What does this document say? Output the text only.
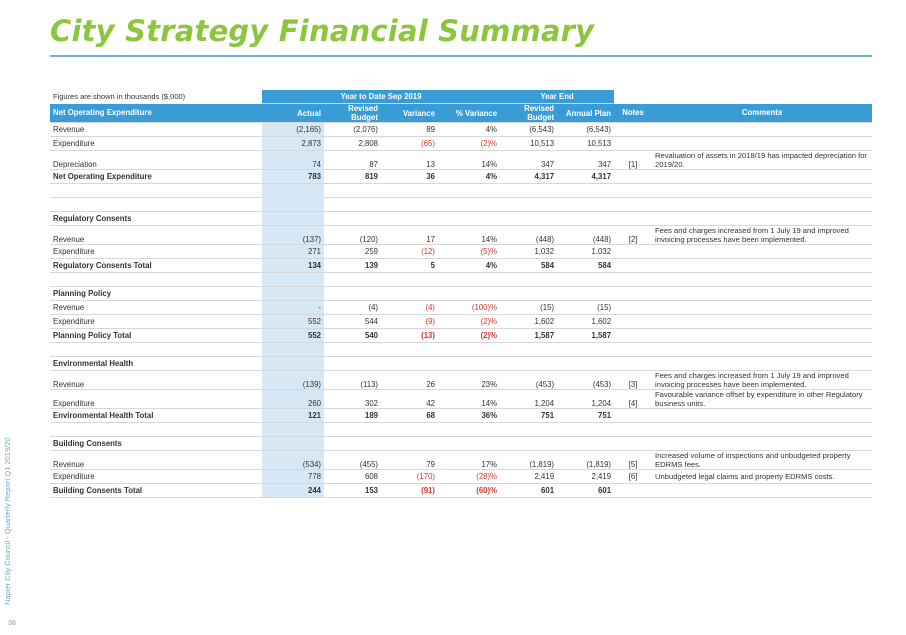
City Strategy Financial Summary
Napier City Council - Quarterly Report Q1 2019/20
38
Figures are shown in thousands ($,000)	Year to Date Sep 2019				Year End			
Net Operating Expenditure	Actual	Revised Budget	Variance	% Variance	Revised Budget	Annual Plan	Notes	Comments
Revenue	(2,165)	(2,076)	89	4%	(6,543)	(6,543)		
Expenditure	2,873	2,808	(65)	(2)%	10,513	10,513		
Depreciation	74	87	13	14%	347	347	[1]	Revaluation of assets in 2018/19 has impacted depreciation for 2019/20.
Net Operating Expenditure	783	819	36	4%	4,317	4,317		

Regulatory Consents								
Revenue	(137)	(120)	17	14%	(448)	(448)	[2]	Fees and charges increased from 1 July 19 and improved invoicing processes have been implemented.
Expenditure	271	259	(12)	(5)%	1,032	1,032		
Regulatory Consents Total	134	139	5	4%	584	584		

Planning Policy								
Revenue	-	(4)	(4)	(100)%	(15)	(15)		
Expenditure	552	544	(9)	(2)%	1,602	1,602		
Planning Policy Total	552	540	(13)	(2)%	1,587	1,587		

Environmental Health								
Revenue	(139)	(113)	26	23%	(453)	(453)	[3]	Fees and charges increased from 1 July 19 and improved invoicing processes have been implemented.
Expenditure	260	302	42	14%	1,204	1,204	[4]	Favourable variance offset by expenditure in other Regulatory business units.
Environmental Health Total	121	189	68	36%	751	751		

Building Consents								
Revenue	(534)	(455)	79	17%	(1,819)	(1,819)	[5]	Increased volume of inspections and unbudgeted property EDRMS fees.
Expenditure	778	608	(170)	(28)%	2,419	2,419	[6]	Unbudgeted legal claims and property EDRMS costs.
Building Consents Total	244	153	(91)	(60)%	601	601		
